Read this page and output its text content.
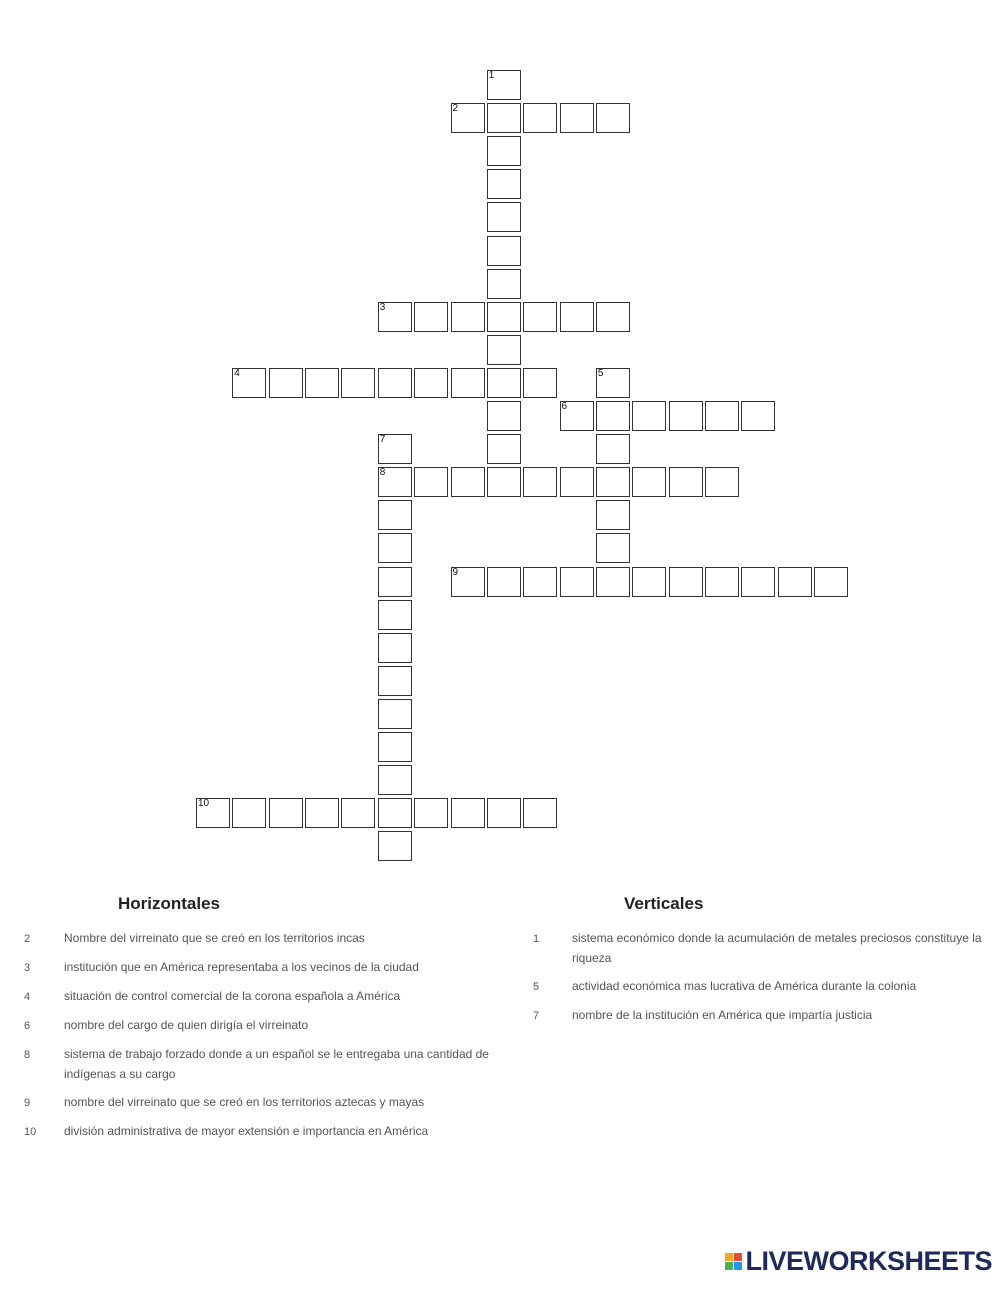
1
2
3
4	5
6
7
8
9
10
Horizontales	Verticales
2	Nombre del virreinato que se creó en los territorios incas
3	institución que en América representaba a los vecinos de la ciudad
4	situación de control comercial de la corona española a América
6	nombre del cargo de quien dirigía el virreinato
8	sistema de trabajo forzado donde a un español se le entregaba una cantidad de indígenas a su cargo
9	nombre del virreinato que se creó en los territorios aztecas y mayas
10 división administrativa de mayor extensión e importancia en América
1	sistema económico donde la acumulación de metales preciosos constituye la riqueza
5	actividad económica mas lucrativa de América durante la colonia
7	nombre de la institución en América que impartía justicia
LIVEWORKSHEETS
